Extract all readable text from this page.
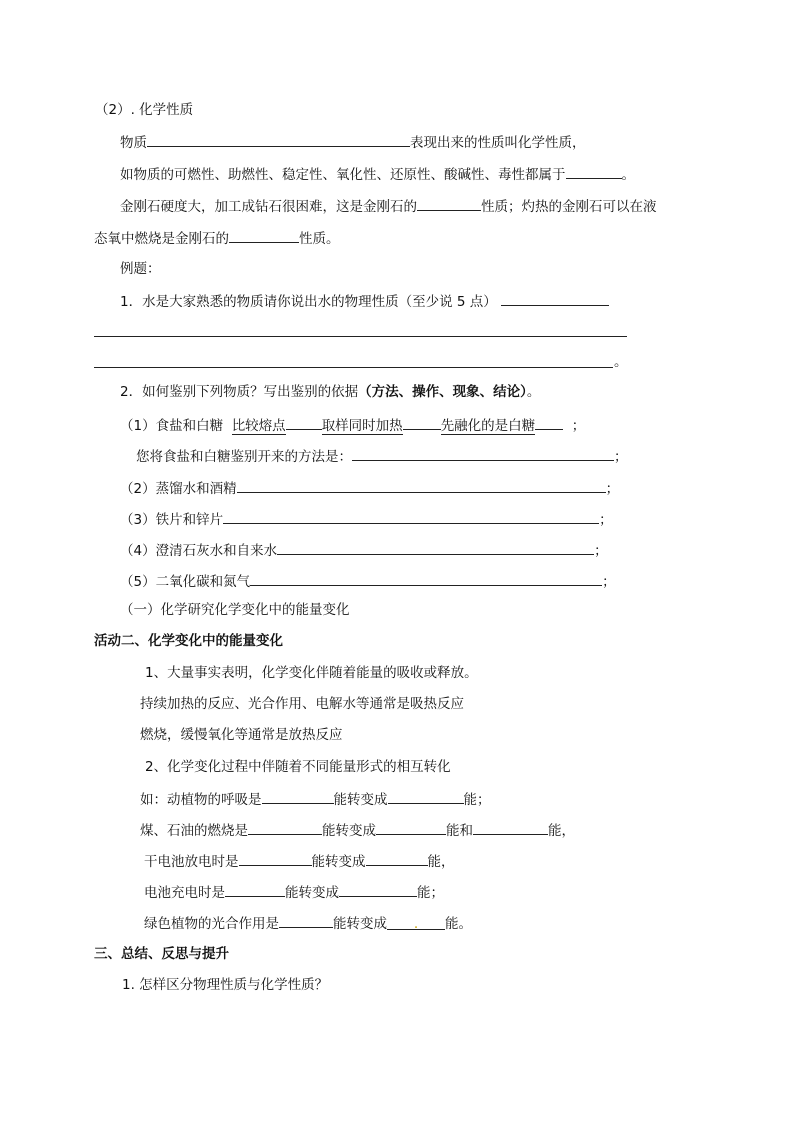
（2）. 化学性质
物质	表现出来的性质叫化学性质，
如物质的可燃性、助燃性、稳定性、氧化性、还原性、酸碱性、毒性都属于	。
金刚石硬度大，加工成钻石很困难，这是金刚石的	性质；灼热的金刚石可以在液
态氧中燃烧是金刚石的	性质。
例题：
1．水是大家熟悉的物质请你说出水的物理性质（至少说 5 点）
。
2．如何鉴别下列物质？写出鉴别的依据（方法、操作、现象、结论）。
（1）食盐和白糖 比较熔点	取样同时加热	先融化的是白糖	；
您将食盐和白糖鉴别开来的方法是：	；
（2）蒸馏水和酒精	；
（3）铁片和锌片	；
（4）澄清石灰水和自来水	；
（5）二氧化碳和氮气	；
（一）化学研究化学变化中的能量变化
活动二、化学变化中的能量变化
1、大量事实表明，化学变化伴随着能量的吸收或释放。
持续加热的反应、光合作用、电解水等通常是吸热反应
燃烧，缓慢氧化等通常是放热反应
2、化学变化过程中伴随着不同能量形式的相互转化
如：动植物的呼吸是	能转变成	能；
煤、石油的燃烧是	能转变成	能和	能，
干电池放电时是	能转变成	能，
电池充电时是	能转变成	能；
绿色植物的光合作用是	能转变成 . 能。
三、总结、反思与提升
1. 怎样区分物理性质与化学性质？
